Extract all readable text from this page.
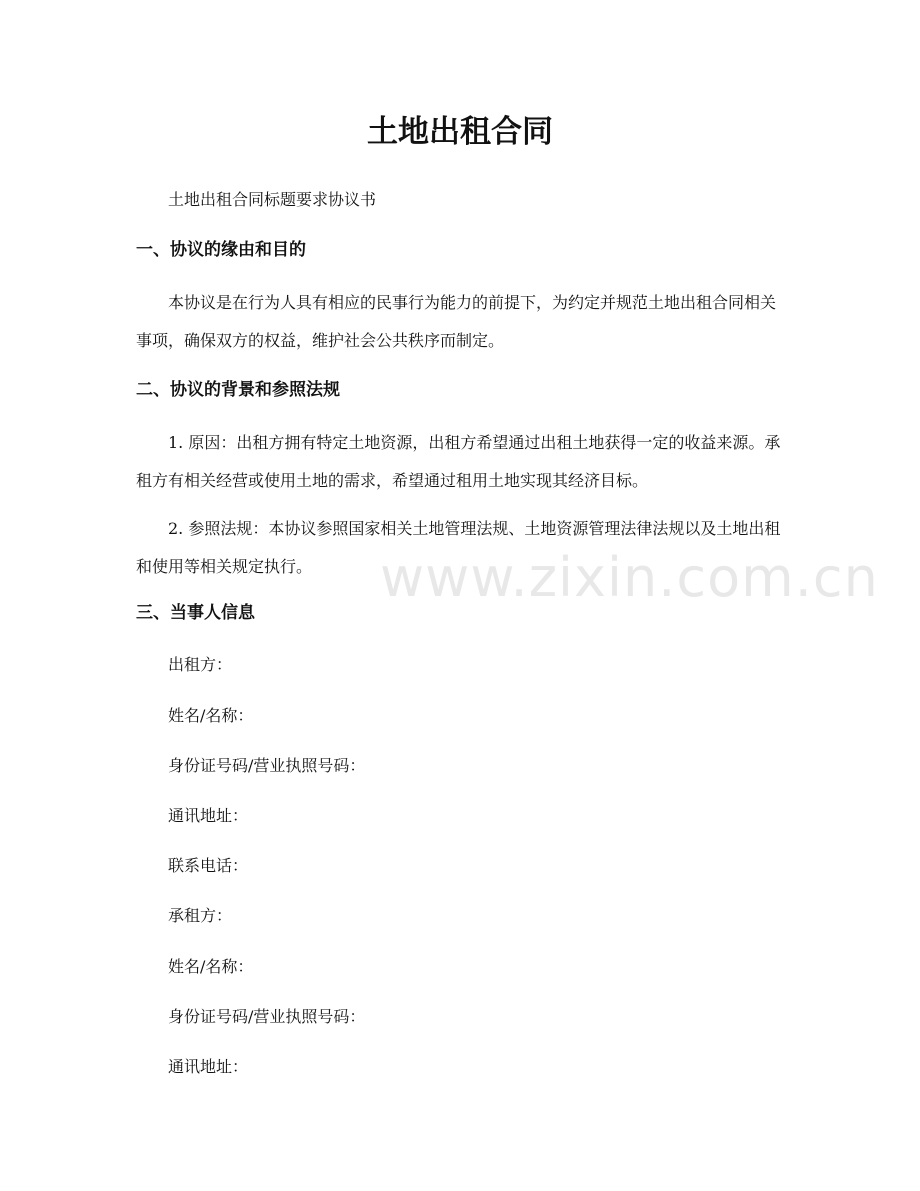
土地出租合同
土地出租合同标题要求协议书
一、协议的缘由和目的
本协议是在行为人具有相应的民事行为能力的前提下，为约定并规范土地出租合同相关事项，确保双方的权益，维护社会公共秩序而制定。
二、协议的背景和参照法规
1. 原因：出租方拥有特定土地资源，出租方希望通过出租土地获得一定的收益来源。承租方有相关经营或使用土地的需求，希望通过租用土地实现其经济目标。
2. 参照法规：本协议参照国家相关土地管理法规、土地资源管理法律法规以及土地出租和使用等相关规定执行。
三、当事人信息
出租方：
姓名/名称：
身份证号码/营业执照号码：
通讯地址：
联系电话：
承租方：
姓名/名称：
身份证号码/营业执照号码：
通讯地址：
www.zixin.com.cn
